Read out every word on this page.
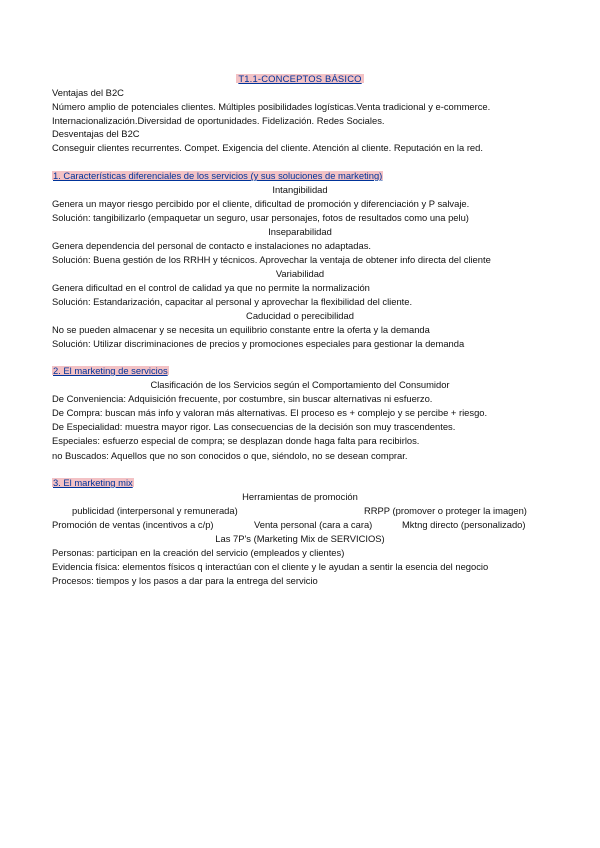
T1.1-CONCEPTOS BÁSICO
Ventajas del B2C
Número amplio de potenciales clientes. Múltiples posibilidades logísticas.Venta tradicional y e-commerce.
Internacionalización.Diversidad de oportunidades. Fidelización. Redes Sociales.
Desventajas del B2C
Conseguir clientes recurrentes. Compet. Exigencia del cliente. Atención al cliente. Reputación en la red.
1. Características diferenciales de los servicios (y sus soluciones de marketing)
Intangibilidad
Genera un mayor riesgo percibido por el cliente, dificultad de promoción y diferenciación y P salvaje.
Solución: tangibilizarlo (empaquetar un seguro, usar personajes, fotos de resultados como una pelu)
Inseparabilidad
Genera dependencia del personal de contacto e instalaciones no adaptadas.
Solución: Buena gestión de los RRHH y técnicos. Aprovechar la ventaja de obtener info directa del cliente
Variabilidad
Genera dificultad en el control de calidad ya que no permite la normalización
Solución: Estandarización, capacitar al personal y aprovechar la flexibilidad del cliente.
Caducidad o perecibilidad
No se pueden almacenar y se necesita un equilibrio constante entre la oferta y la demanda
Solución: Utilizar discriminaciones de precios y promociones especiales para gestionar la demanda
2. El marketing de servicios
Clasificación de los Servicios según el Comportamiento del Consumidor
De Conveniencia: Adquisición frecuente, por costumbre, sin buscar alternativas ni esfuerzo.
De Compra: buscan más info y valoran más alternativas. El proceso es + complejo y se percibe + riesgo.
De Especialidad: muestra mayor rigor. Las consecuencias de la decisión son muy trascendentes.
Especiales: esfuerzo especial de compra; se desplazan donde haga falta para recibirlos.
no Buscados: Aquellos que no son conocidos o que, siéndolo, no se desean comprar.
3. El marketing mix
Herramientas de promoción
publicidad (interpersonal y remunerada)	RRPP (promover o proteger la imagen)
Promoción de ventas (incentivos a c/p)	Venta personal (cara a cara)	Mktng directo (personalizado)
Las 7P's (Marketing Mix de SERVICIOS)
Personas: participan en la creación del servicio (empleados y clientes)
Evidencia física: elementos físicos q interactúan con el cliente y le ayudan a sentir la esencia del negocio
Procesos: tiempos y los pasos a dar para la entrega del servicio
